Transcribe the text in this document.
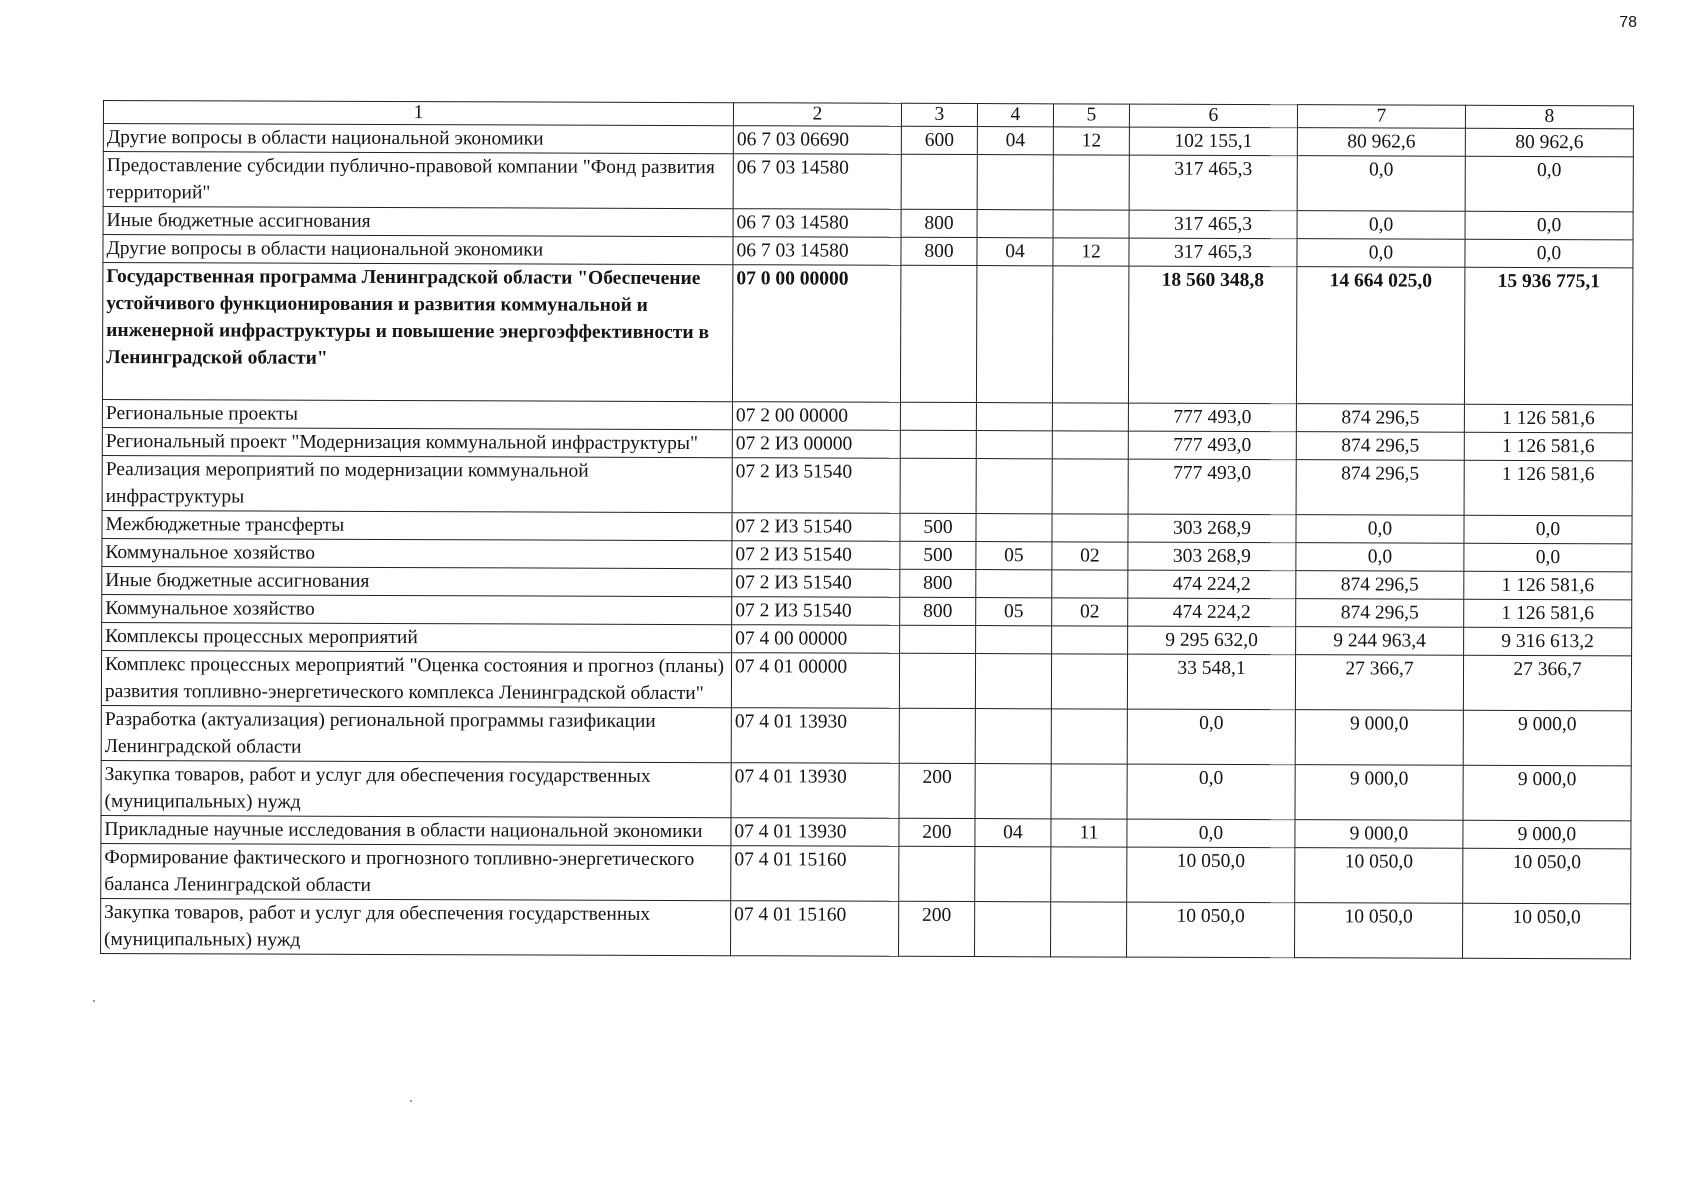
78
1	2	3	4	5	6	7	8
Другие вопросы в области национальной экономики	06 7 03 06690	600	04	12	102 155,1	80 962,6	80 962,6
Предоставление субсидии публично-правовой компании "Фонд развития территорий"	06 7 03 14580				317 465,3	0,0	0,0
Иные бюджетные ассигнования	06 7 03 14580	800			317 465,3	0,0	0,0
Другие вопросы в области национальной экономики	06 7 03 14580	800	04	12	317 465,3	0,0	0,0
Государственная программа Ленинградской области "Обеспечение устойчивого функционирования и развития коммунальной и инженерной инфраструктуры и повышение энергоэффективности в Ленинградской области"	07 0 00 00000				18 560 348,8	14 664 025,0	15 936 775,1
Региональные проекты	07 2 00 00000				777 493,0	874 296,5	1 126 581,6
Региональный проект "Модернизация коммунальной инфраструктуры"	07 2 И3 00000				777 493,0	874 296,5	1 126 581,6
Реализация мероприятий по модернизации коммунальной инфраструктуры	07 2 И3 51540				777 493,0	874 296,5	1 126 581,6
Межбюджетные трансферты	07 2 И3 51540	500			303 268,9	0,0	0,0
Коммунальное хозяйство	07 2 И3 51540	500	05	02	303 268,9	0,0	0,0
Иные бюджетные ассигнования	07 2 И3 51540	800			474 224,2	874 296,5	1 126 581,6
Коммунальное хозяйство	07 2 И3 51540	800	05	02	474 224,2	874 296,5	1 126 581,6
Комплексы процессных мероприятий	07 4 00 00000				9 295 632,0	9 244 963,4	9 316 613,2
Комплекс процессных мероприятий "Оценка состояния и прогноз (планы) развития топливно-энергетического комплекса Ленинградской области"	07 4 01 00000				33 548,1	27 366,7	27 366,7
Разработка (актуализация) региональной программы газификации Ленинградской области	07 4 01 13930				0,0	9 000,0	9 000,0
Закупка товаров, работ и услуг для обеспечения государственных (муниципальных) нужд	07 4 01 13930	200			0,0	9 000,0	9 000,0
Прикладные научные исследования в области национальной экономики	07 4 01 13930	200	04	11	0,0	9 000,0	9 000,0
Формирование фактического и прогнозного топливно-энергетического баланса Ленинградской области	07 4 01 15160				10 050,0	10 050,0	10 050,0
Закупка товаров, работ и услуг для обеспечения государственных (муниципальных) нужд	07 4 01 15160	200			10 050,0	10 050,0	10 050,0
